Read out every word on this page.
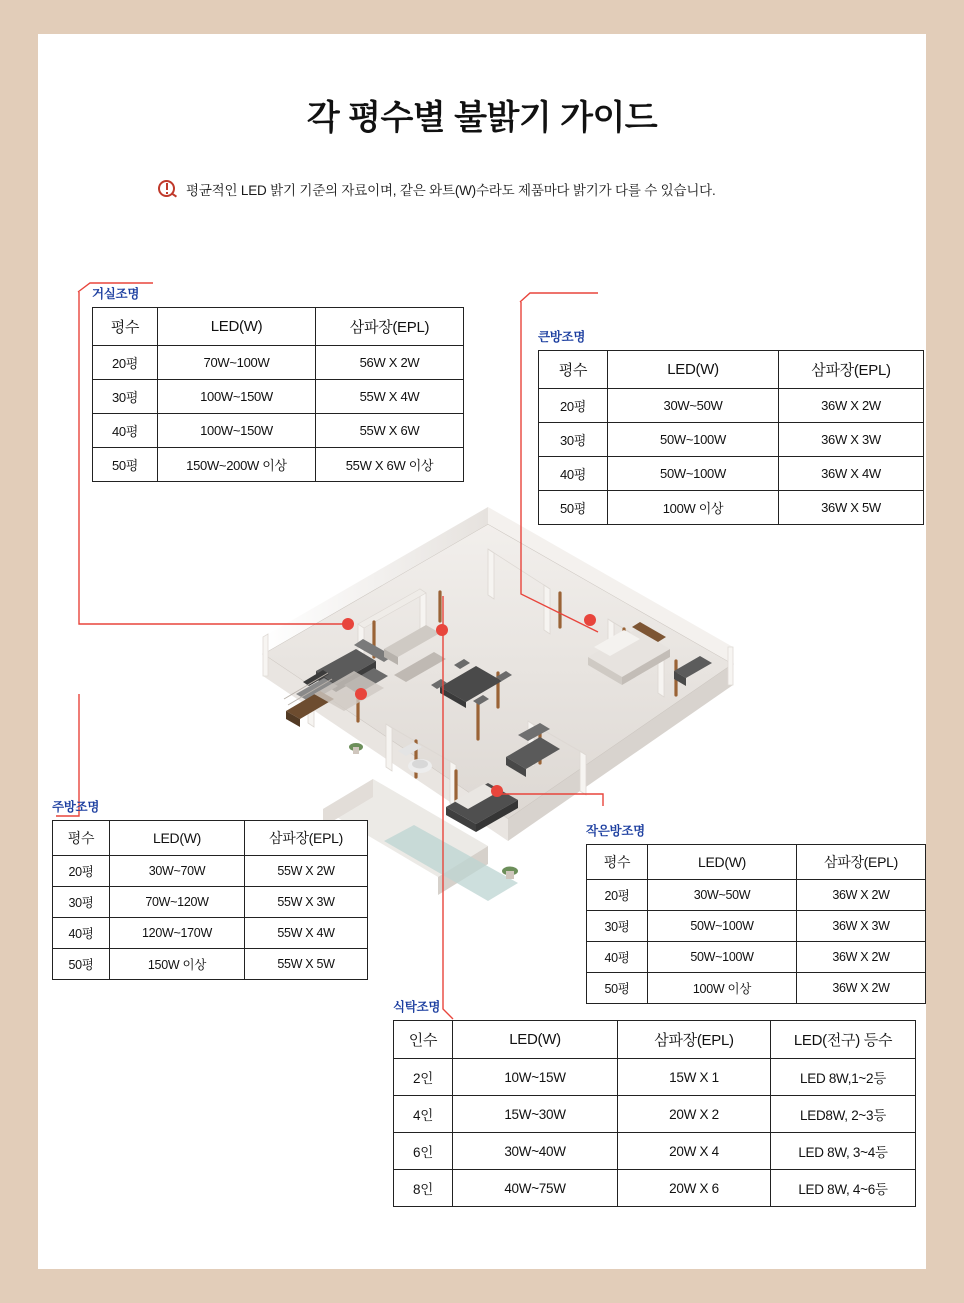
각 평수별 불밝기 가이드
평균적인 LED 밝기 기준의 자료이며, 같은 와트(W)수라도 제품마다 밝기가 다를 수 있습니다.
거실조명
평수	LED(W)	삼파장(EPL)
20평	70W~100W	56W X 2W
30평	100W~150W	55W X 4W
40평	100W~150W	55W X 6W
50평	150W~200W 이상	55W X 6W 이상
큰방조명
평수	LED(W)	삼파장(EPL)
20평	30W~50W	36W X 2W
30평	50W~100W	36W X 3W
40평	50W~100W	36W X 4W
50평	100W 이상	36W X 5W
주방조명
평수	LED(W)	삼파장(EPL)
20평	30W~70W	55W X 2W
30평	70W~120W	55W X 3W
40평	120W~170W	55W X 4W
50평	150W 이상	55W X 5W
작은방조명
평수	LED(W)	삼파장(EPL)
20평	30W~50W	36W X 2W
30평	50W~100W	36W X 3W
40평	50W~100W	36W X 2W
50평	100W 이상	36W X 2W
식탁조명
인수	LED(W)	삼파장(EPL)	LED(전구) 등수
2인	10W~15W	15W X 1	LED 8W,1~2등
4인	15W~30W	20W X 2	LED8W, 2~3등
6인	30W~40W	20W X 4	LED 8W, 3~4등
8인	40W~75W	20W X 6	LED 8W, 4~6등
